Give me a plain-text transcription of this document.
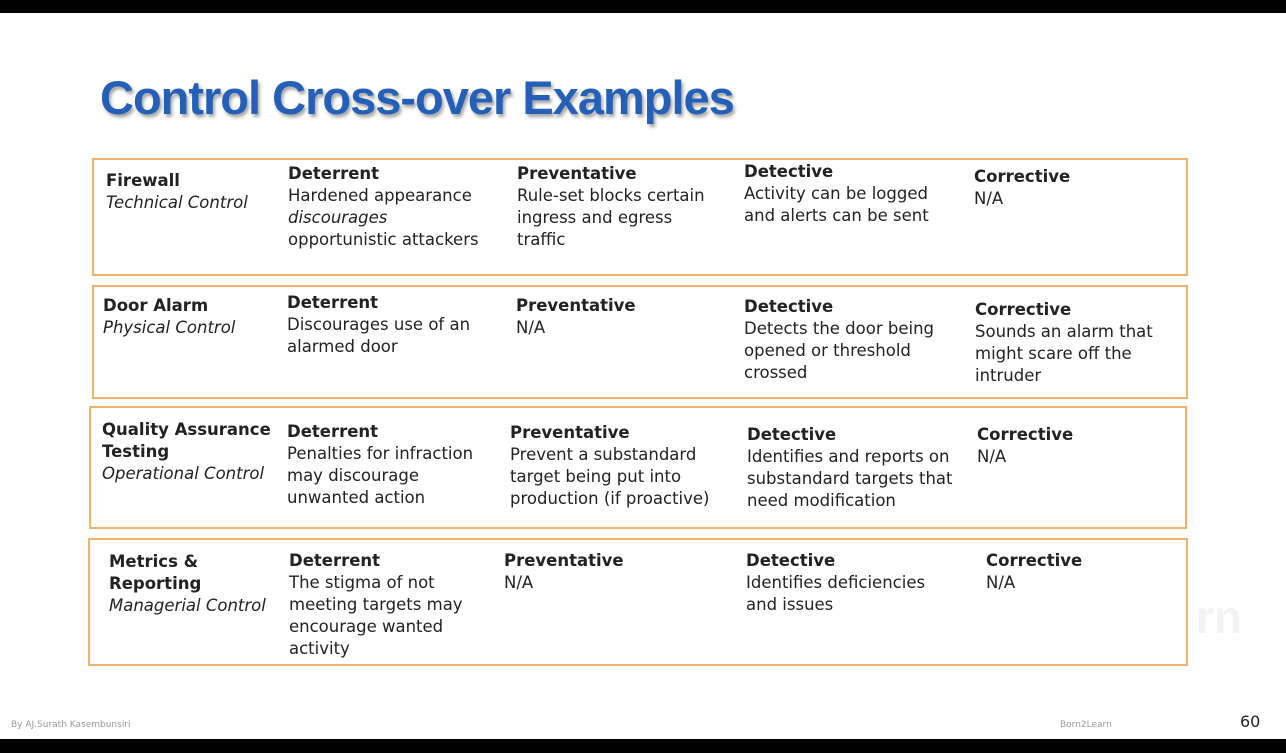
Control Cross-over Examples
Firewall
Technical Control
Deterrent
Hardened appearance discourages opportunistic attackers
Preventative
Rule-set blocks certain ingress and egress traffic
Detective
Activity can be logged and alerts can be sent
Corrective
N/A
Door Alarm
Physical Control
Deterrent
Discourages use of an alarmed door
Preventative
N/A
Detective
Detects the door being opened or threshold crossed
Corrective
Sounds an alarm that might scare off the intruder
Quality Assurance Testing
Operational Control
Deterrent
Penalties for infraction may discourage unwanted action
Preventative
Prevent a substandard target being put into production (if proactive)
Detective
Identifies and reports on substandard targets that need modification
Corrective
N/A
Metrics & Reporting
Managerial Control
Deterrent
The stigma of not meeting targets may encourage wanted activity
Preventative
N/A
Detective
Identifies deficiencies and issues
Corrective
N/A
rn
By AJ.Surath Kasembunsiri	Born2Learn	60
